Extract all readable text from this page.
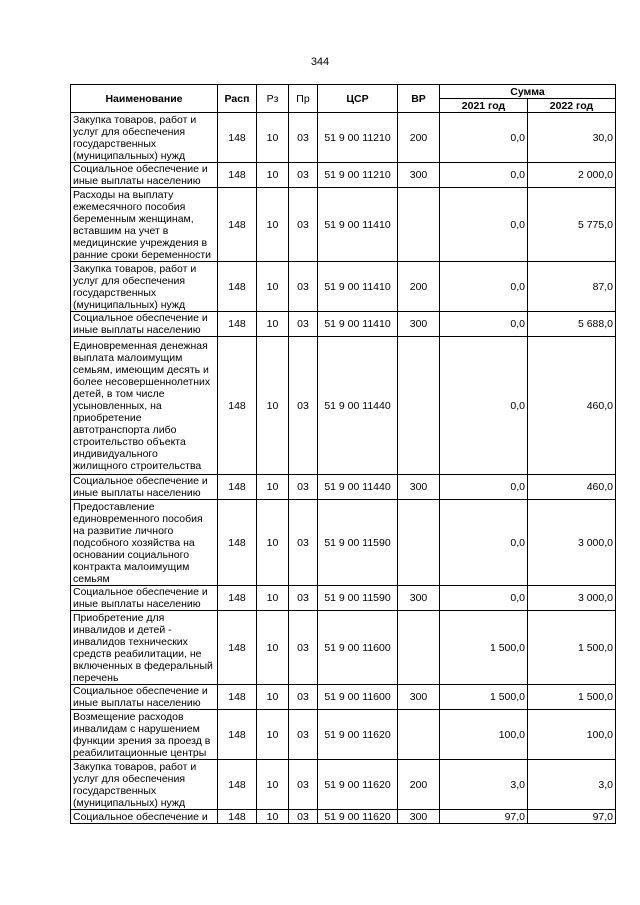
344
Наименование	Расп	Рз	Пр	ЦСР	ВР	Сумма	
						2021 год	2022 год
Закупка товаров, работ и услуг для обеспечения государственных (муниципальных) нужд	148	10	03	51 9 00 11210	200	0,0	30,0
Социальное обеспечение и иные выплаты населению	148	10	03	51 9 00 11210	300	0,0	2 000,0
Расходы на выплату ежемесячного пособия беременным женщинам, вставшим на учет в медицинские учреждения в ранние сроки беременности	148	10	03	51 9 00 11410		0,0	5 775,0
Закупка товаров, работ и услуг для обеспечения государственных (муниципальных) нужд	148	10	03	51 9 00 11410	200	0,0	87,0
Социальное обеспечение и иные выплаты населению	148	10	03	51 9 00 11410	300	0,0	5 688,0
Единовременная денежная выплата малоимущим семьям, имеющим десять и более несовершеннолетних детей, в том числе усыновленных, на приобретение автотранспорта либо строительство объекта индивидуального жилищного строительства	148	10	03	51 9 00 11440		0,0	460,0
Социальное обеспечение и иные выплаты населению	148	10	03	51 9 00 11440	300	0,0	460,0
Предоставление единовременного пособия на развитие личного подсобного хозяйства на основании социального контракта малоимущим семьям	148	10	03	51 9 00 11590		0,0	3 000,0
Социальное обеспечение и иные выплаты населению	148	10	03	51 9 00 11590	300	0,0	3 000,0
Приобретение для инвалидов и детей - инвалидов технических средств реабилитации, не включенных в федеральный перечень	148	10	03	51 9 00 11600		1 500,0	1 500,0
Социальное обеспечение и иные выплаты населению	148	10	03	51 9 00 11600	300	1 500,0	1 500,0
Возмещение расходов инвалидам с нарушением функции зрения за проезд в реабилитационные центры	148	10	03	51 9 00 11620		100,0	100,0
Закупка товаров, работ и услуг для обеспечения государственных (муниципальных) нужд	148	10	03	51 9 00 11620	200	3,0	3,0
Социальное обеспечение и	148	10	03	51 9 00 11620	300	97,0	97,0
